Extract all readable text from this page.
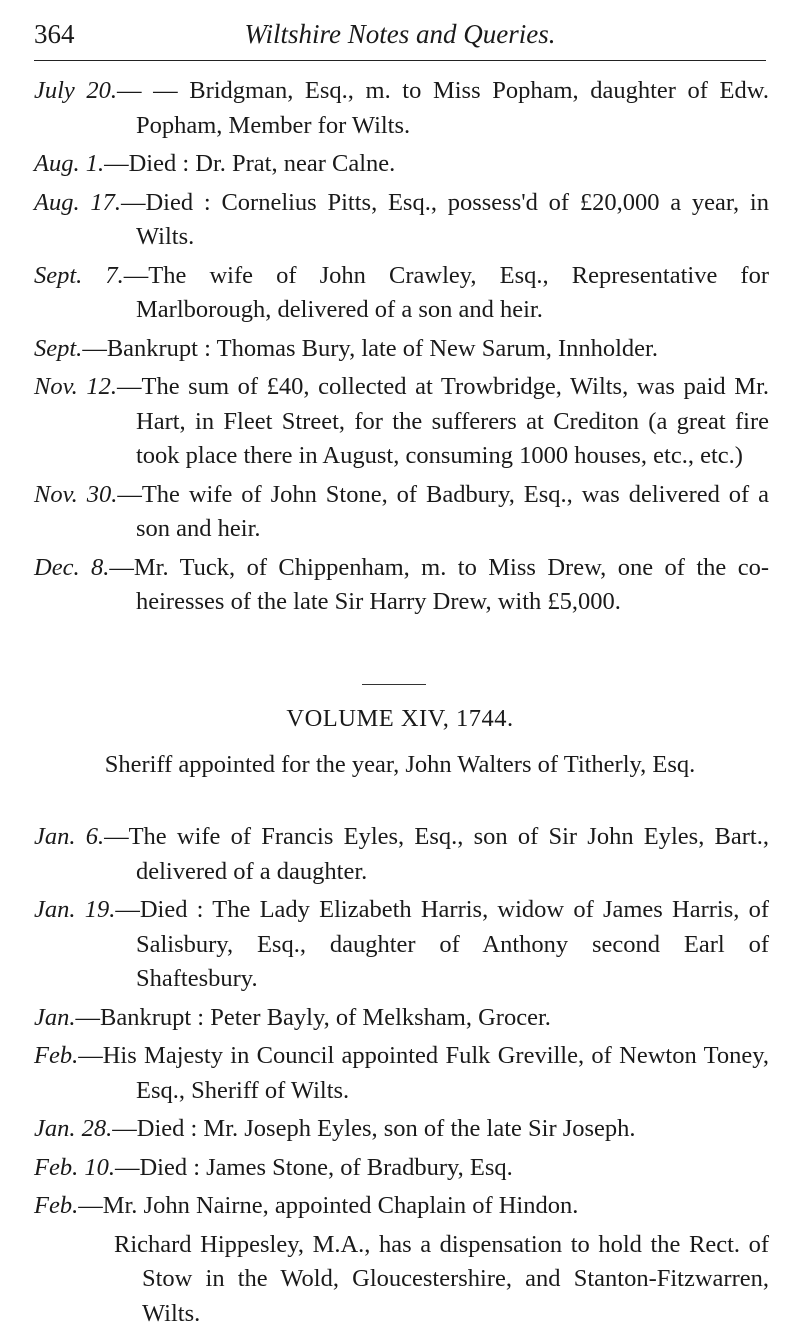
364	Wiltshire Notes and Queries.

July 20.— — Bridgman, Esq., m. to Miss Popham, daughter of Edw. Popham, Member for Wilts.

Aug. 1.—Died : Dr. Prat, near Calne.

Aug. 17.—Died : Cornelius Pitts, Esq., possess'd of £20,000 a year, in Wilts.

Sept. 7.—The wife of John Crawley, Esq., Representative for Marlborough, delivered of a son and heir.

Sept.—Bankrupt : Thomas Bury, late of New Sarum, Innholder.

Nov. 12.—The sum of £40, collected at Trowbridge, Wilts, was paid Mr. Hart, in Fleet Street, for the sufferers at Crediton (a great fire took place there in August, consuming 1000 houses, etc., etc.)

Nov. 30.—The wife of John Stone, of Badbury, Esq., was delivered of a son and heir.

Dec. 8.—Mr. Tuck, of Chippenham, m. to Miss Drew, one of the co-heiresses of the late Sir Harry Drew, with £5,000.

VOLUME XIV, 1744.
Sheriff appointed for the year, John Walters of Titherly, Esq.

Jan. 6.—The wife of Francis Eyles, Esq., son of Sir John Eyles, Bart., delivered of a daughter.

Jan. 19.—Died : The Lady Elizabeth Harris, widow of James Harris, of Salisbury, Esq., daughter of Anthony second Earl of Shaftesbury.

Jan.—Bankrupt : Peter Bayly, of Melksham, Grocer.

Feb.—His Majesty in Council appointed Fulk Greville, of Newton Toney, Esq., Sheriff of Wilts.

Jan. 28.—Died : Mr. Joseph Eyles, son of the late Sir Joseph.

Feb. 10.—Died : James Stone, of Bradbury, Esq.

Feb.—Mr. John Nairne, appointed Chaplain of Hindon.

Richard Hippesley, M.A., has a dispensation to hold the Rect. of Stow in the Wold, Gloucestershire, and Stanton-Fitzwarren, Wilts.
